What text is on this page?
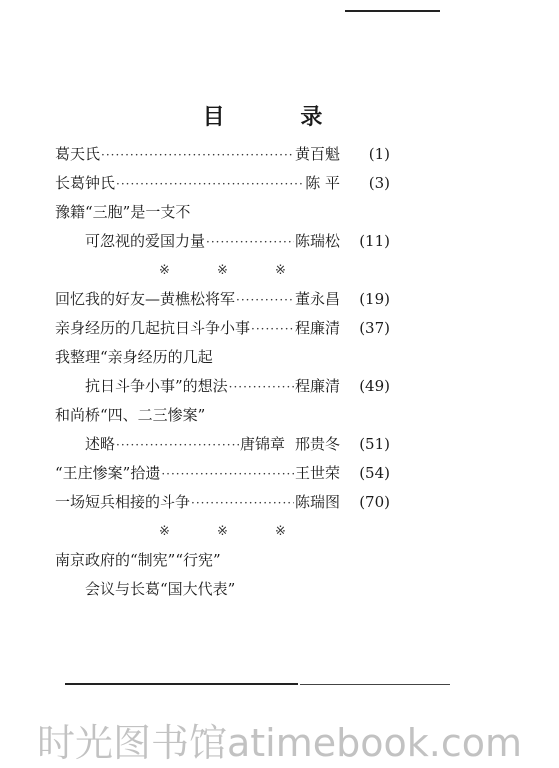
目 录
葛天氏 ·····	黄百魁	(1)
长葛钟氏 ·····	陈 平	(3)
豫籍“三胞”是一支不
可忽视的爱国力量 ·····	陈瑞松	(11)
※	※	※
回忆我的好友—黄樵松将军 ·····	董永昌	(19)
亲身经历的几起抗日斗争小事 ·····	程廉清	(37)
我整理“亲身经历的几起
抗日斗争小事”的想法 ·····	程廉清	(49)
和尚桥“四、二三惨案”
述略 ·····	唐锦章 邢贵冬	(51)
“王庄惨案”拾遗 ·····	王世荣	(54)
一场短兵相接的斗争 ·····	陈瑞图	(70)
※	※	※
南京政府的“制宪”“行宪”
会议与长葛“国大代表”
时光图书馆atimebook.com
